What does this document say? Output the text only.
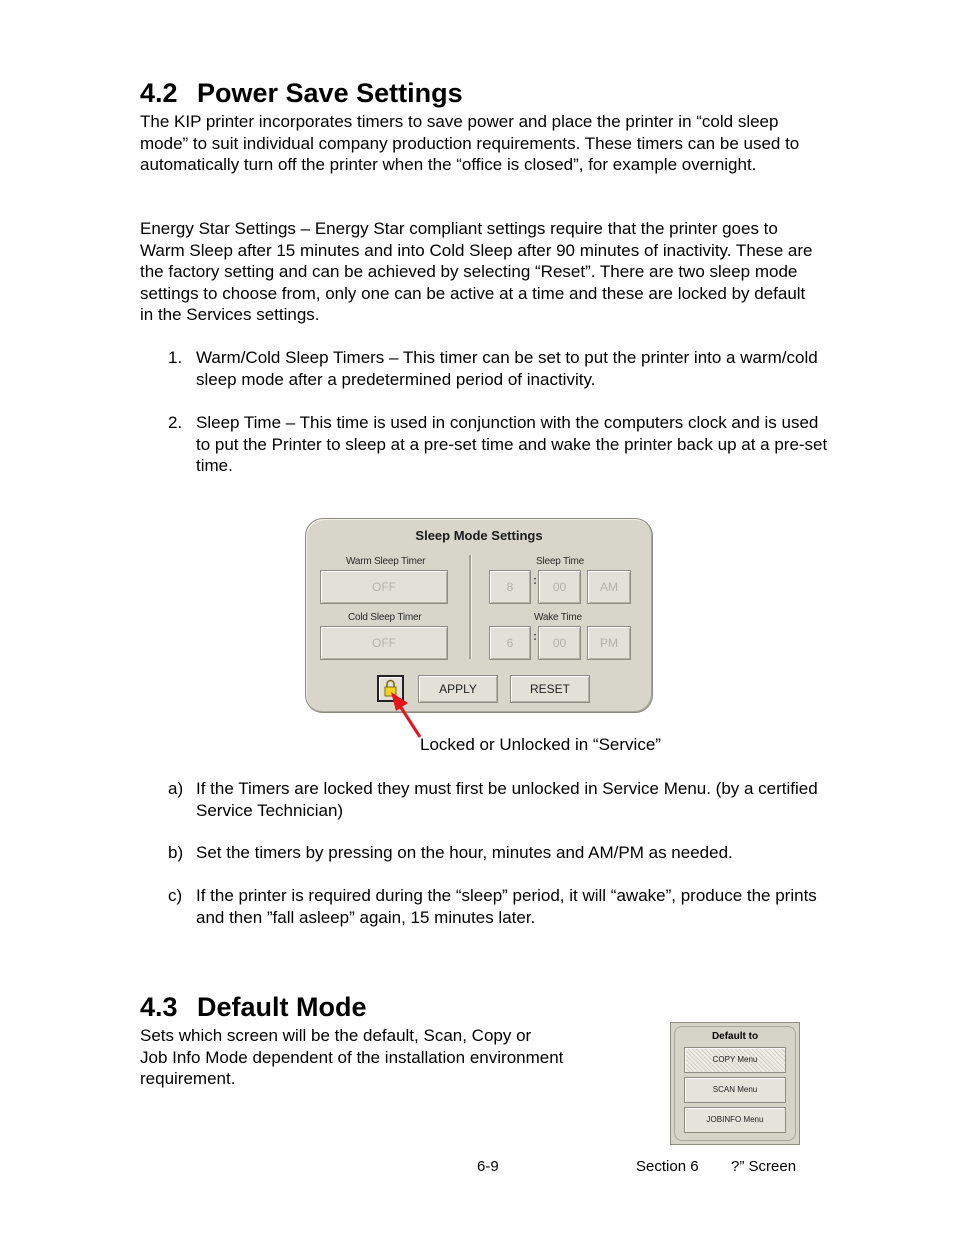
4.2 Power Save Settings

The KIP printer incorporates timers to save power and place the printer in “cold sleep mode” to suit individual company production requirements. These timers can be used to automatically turn off the printer when the “office is closed”, for example overnight.

Energy Star Settings – Energy Star compliant settings require that the printer goes to Warm Sleep after 15 minutes and into Cold Sleep after 90 minutes of inactivity. These are the factory setting and can be achieved by selecting “Reset”. There are two sleep mode settings to choose from, only one can be active at a time and these are locked by default in the Services settings.

1. Warm/Cold Sleep Timers – This timer can be set to put the printer into a warm/cold sleep mode after a predetermined period of inactivity.
2. Sleep Time – This time is used in conjunction with the computers clock and is used to put the Printer to sleep at a pre-set time and wake the printer back up at a pre-set time.
Sleep Mode Settings
Warm Sleep Timer
OFF
Cold Sleep Timer
OFF
Sleep Time
8	:	00	AM
Wake Time
6	:	00	PM
APPLY	RESET
Locked or Unlocked in “Service”
a) If the Timers are locked they must first be unlocked in Service Menu. (by a certified Service Technician)
b) Set the timers by pressing on the hour, minutes and AM/PM as needed.
c) If the printer is required during the “sleep” period, it will “awake”, produce the prints and then ”fall asleep” again, 15 minutes later.
4.3 Default Mode
Sets which screen will be the default, Scan, Copy or
Job Info Mode dependent of the installation environment
requirement.
Default to
COPY Menu
SCAN Menu
JOBINFO Menu
6-9	Section 6 ?” Screen
